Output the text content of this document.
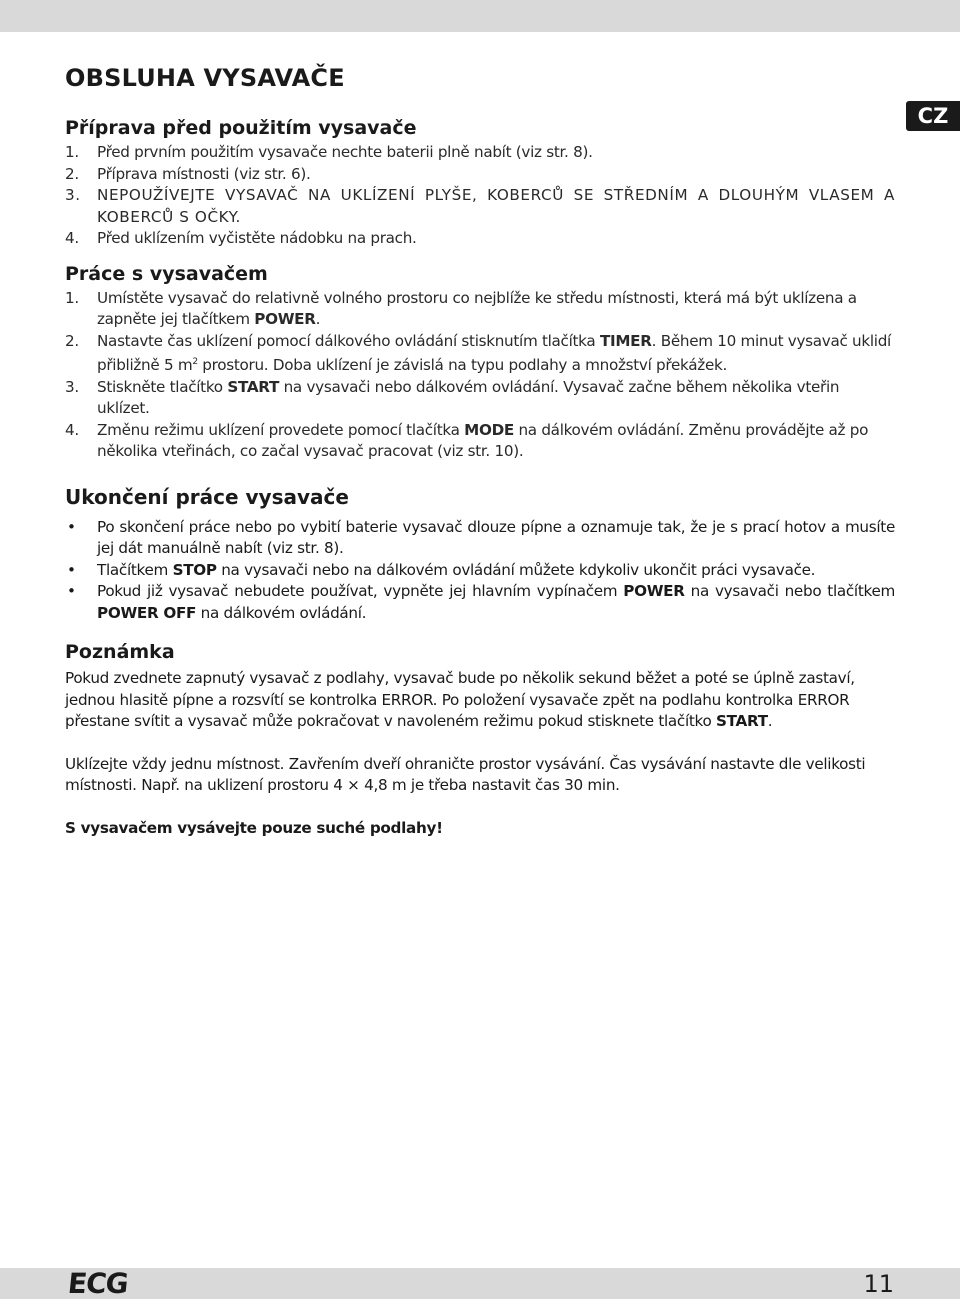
CZ
OBSLUHA VYSAVAČE
Příprava před použitím vysavače
1. Před prvním použitím vysavače nechte baterii plně nabít (viz str. 8).
2. Příprava místnosti (viz str. 6).
3. NEPOUŽÍVEJTE VYSAVAČ NA UKLÍZENÍ PLYŠE, KOBERCŮ SE STŘEDNÍM A DLOUHÝM VLASEM A KOBERCŮ S OČKY.
4. Před uklízením vyčistěte nádobku na prach.
Práce s vysavačem
1. Umístěte vysavač do relativně volného prostoru co nejblíže ke středu místnosti, která má být uklízena a zapněte jej tlačítkem POWER.
2. Nastavte čas uklízení pomocí dálkového ovládání stisknutím tlačítka TIMER. Během 10 minut vysavač uklidí přibližně 5 $m^2$ prostoru. Doba uklízení je závislá na typu podlahy a množství překážek.
3. Stiskněte tlačítko START na vysavači nebo dálkovém ovládání. Vysavač začne během několika vteřin uklízet.
4. Změnu režimu uklízení provedete pomocí tlačítka MODE na dálkovém ovládání. Změnu provádějte až po několika vteřinách, co začal vysavač pracovat (viz str. 10).
Ukončení práce vysavače
• Po skončení práce nebo po vybití baterie vysavač dlouze pípne a oznamuje tak, že je s prací hotov a musíte jej dát manuálně nabít (viz str. 8).
• Tlačítkem STOP na vysavači nebo na dálkovém ovládání můžete kdykoliv ukončit práci vysavače.
• Pokud již vysavač nebudete používat, vypněte jej hlavním vypínačem POWER na vysavači nebo tlačítkem POWER OFF na dálkovém ovládání.
Poznámka

Pokud zvednete zapnutý vysavač z podlahy, vysavač bude po několik sekund běžet a poté se úplně zastaví, jednou hlasitě pípne a rozsvítí se kontrolka ERROR. Po položení vysavače zpět na podlahu kontrolka ERROR přestane svítit a vysavač může pokračovat v navoleném režimu pokud stisknete tlačítko START.

Uklízejte vždy jednu místnost. Zavřením dveří ohraničte prostor vysávání. Čas vysávání nastavte dle velikosti místnosti. Např. na uklizení prostoru 4 × 4,8 m je třeba nastavit čas 30 min.

S vysavačem vysávejte pouze suché podlahy!

ECG	11
